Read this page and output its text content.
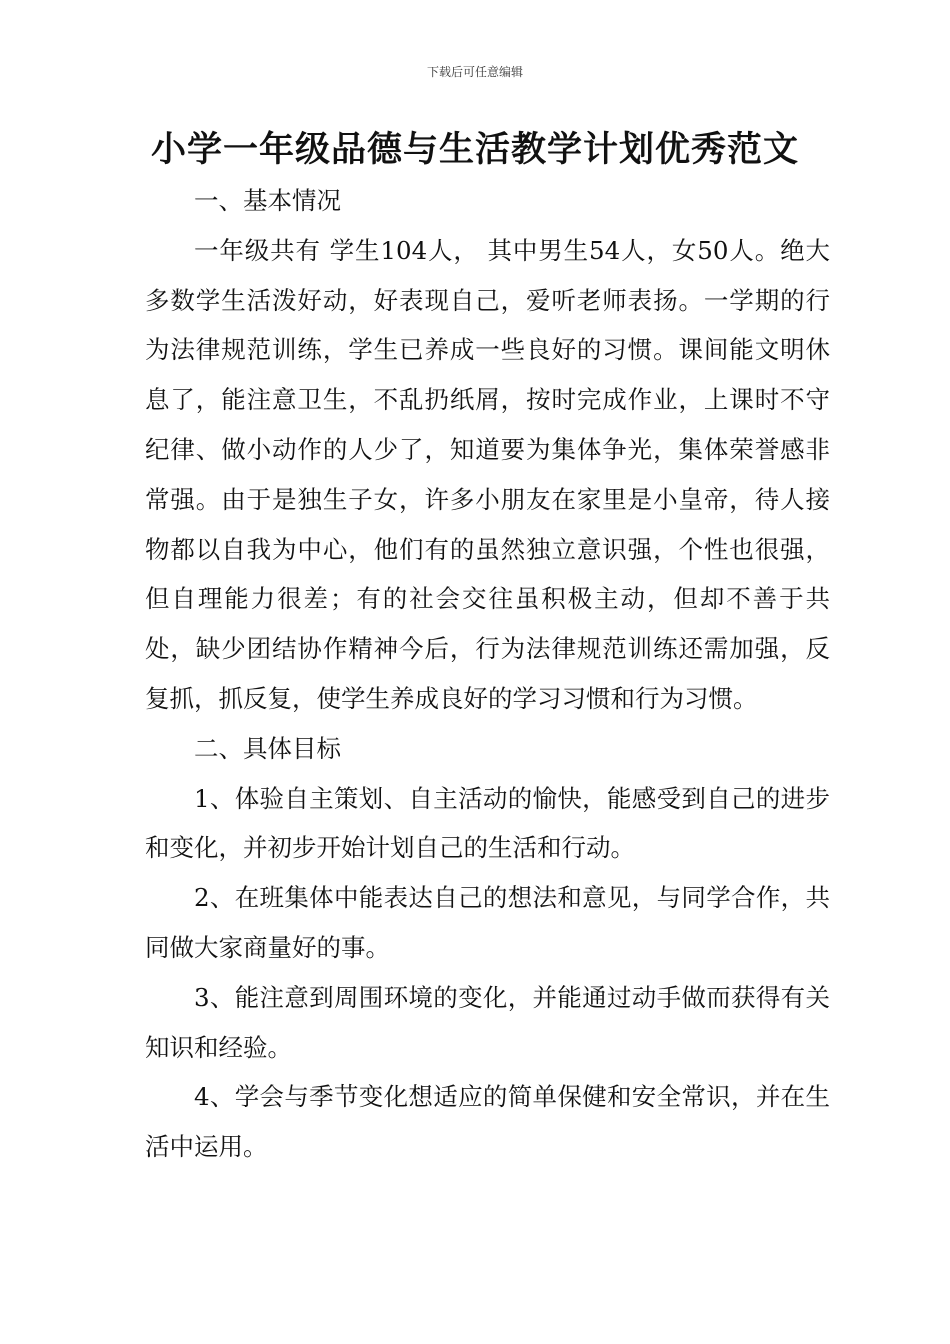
下载后可任意编辑
小学一年级品德与生活教学计划优秀范文

一、基本情况

一年级共有 学生104人， 其中男生54人，女50人。绝大多数学生活泼好动，好表现自己，爱听老师表扬。一学期的行为法律规范训练，学生已养成一些良好的习惯。课间能文明休息了，能注意卫生，不乱扔纸屑，按时完成作业，上课时不守纪律、做小动作的人少了，知道要为集体争光，集体荣誉感非常强。由于是独生子女，许多小朋友在家里是小皇帝，待人接物都以自我为中心，他们有的虽然独立意识强，个性也很强，但自理能力很差；有的社会交往虽积极主动，但却不善于共处，缺少团结协作精神今后，行为法律规范训练还需加强，反复抓，抓反复，使学生养成良好的学习习惯和行为习惯。

二、具体目标

1、体验自主策划、自主活动的愉快，能感受到自己的进步和变化，并初步开始计划自己的生活和行动。

2、在班集体中能表达自己的想法和意见，与同学合作，共同做大家商量好的事。

3、能注意到周围环境的变化，并能通过动手做而获得有关知识和经验。

4、学会与季节变化想适应的简单保健和安全常识，并在生活中运用。
